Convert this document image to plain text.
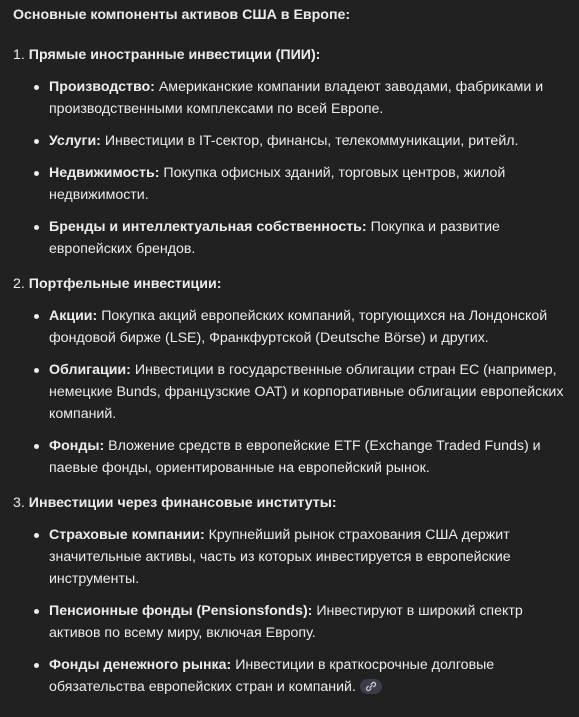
Основные компоненты активов США в Европе:
1. Прямые иностранные инвестиции (ПИИ):
Производство: Американские компании владеют заводами, фабриками и производственными комплексами по всей Европе.
Услуги: Инвестиции в IT-сектор, финансы, телекоммуникации, ритейл.
Недвижимость: Покупка офисных зданий, торговых центров, жилой недвижимости.
Бренды и интеллектуальная собственность: Покупка и развитие европейских брендов.
2. Портфельные инвестиции:
Акции: Покупка акций европейских компаний, торгующихся на Лондонской фондовой бирже (LSE), Франкфуртской (Deutsche Börse) и других.
Облигации: Инвестиции в государственные облигации стран ЕС (например, немецкие Bunds, французские OAT) и корпоративные облигации европейских компаний.
Фонды: Вложение средств в европейские ETF (Exchange Traded Funds) и паевые фонды, ориентированные на европейский рынок.
3. Инвестиции через финансовые институты:
Страховые компании: Крупнейший рынок страхования США держит значительные активы, часть из которых инвестируется в европейские инструменты.
Пенсионные фонды (Pensionsfonds): Инвестируют в широкий спектр активов по всему миру, включая Европу.
Фонды денежного рынка: Инвестиции в краткосрочные долговые обязательства европейских стран и компаний.
